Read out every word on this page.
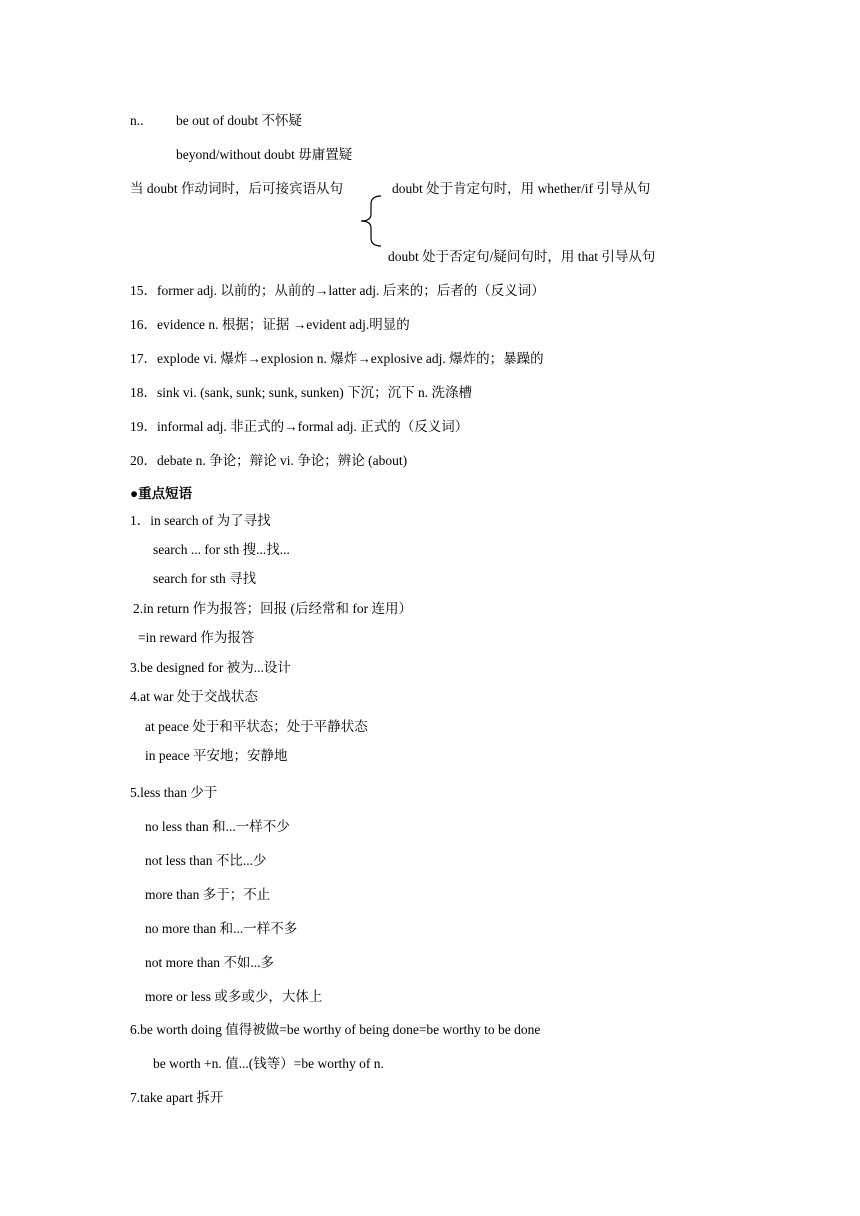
n.. be out of doubt 不怀疑
beyond/without doubt 毋庸置疑
当 doubt 作动词时，后可接宾语从句	doubt 处于肯定句时，用 whether/if 引导从句
doubt 处于否定句/疑问句时，用 that 引导从句
15．former adj. 以前的；从前的→latter adj. 后来的；后者的（反义词）
16．evidence n. 根据；证据 →evident adj.明显的
17．explode vi. 爆炸→explosion n. 爆炸→explosive adj. 爆炸的；暴躁的
18．sink vi. (sank, sunk; sunk, sunken) 下沉；沉下 n. 洗涤槽
19．informal adj. 非正式的→formal adj. 正式的（反义词）
20．debate n. 争论；辩论 vi. 争论；辨论 (about)
●重点短语
1．in search of 为了寻找
search ... for sth 搜...找...
search for sth 寻找
2.in return 作为报答；回报 (后经常和 for 连用）
=in reward 作为报答
3.be designed for 被为...设计
4.at war 处于交战状态
at peace 处于和平状态；处于平静状态
in peace 平安地；安静地
5.less than 少于
no less than 和...一样不少
not less than 不比...少
more than 多于；不止
no more than 和...一样不多
not more than 不如...多
more or less 或多或少，大体上
6.be worth doing 值得被做=be worthy of being done=be worthy to be done
be worth +n. 值...(钱等）=be worthy of n.
7.take apart 拆开
